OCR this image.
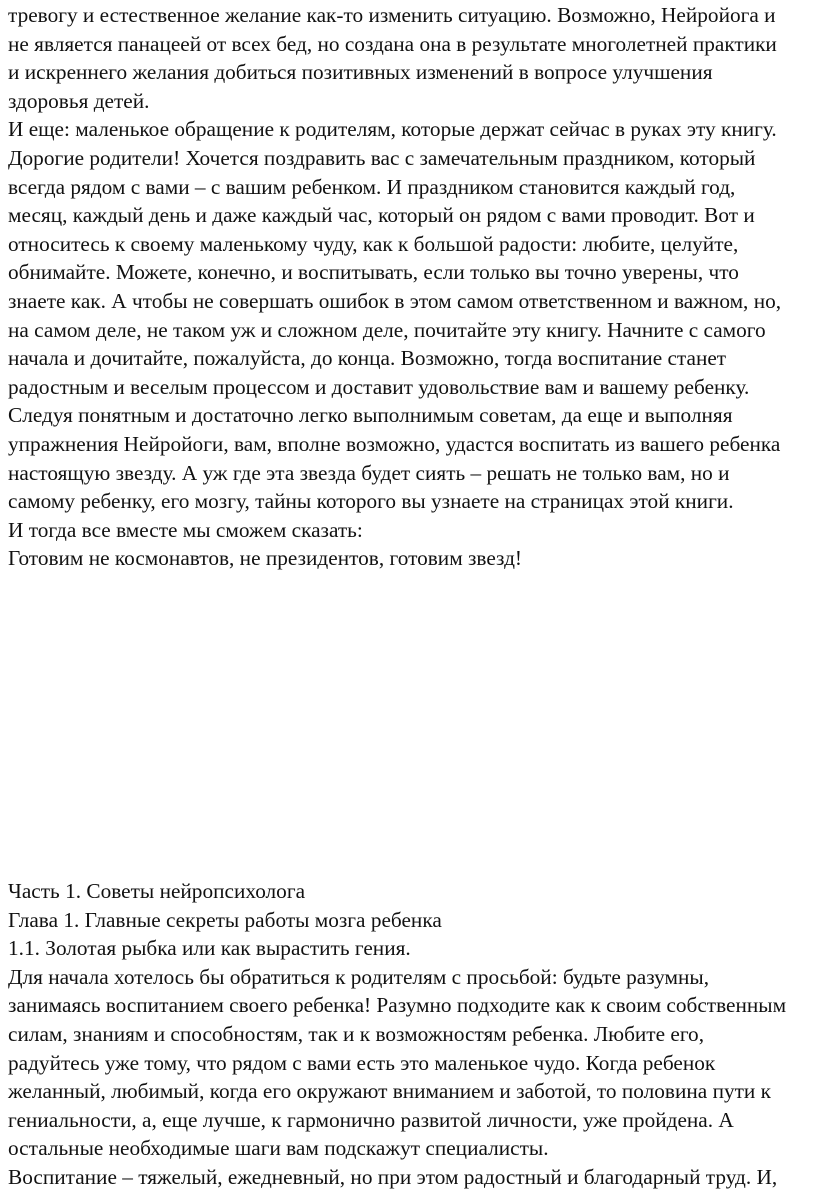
тревогу и естественное желание как-то изменить ситуацию. Возможно, Нейройога и
не является панацеей от всех бед, но создана она в результате многолетней практики
и искреннего желания добиться позитивных изменений в вопросе улучшения
здоровья детей.
И еще: маленькое обращение к родителям, которые держат сейчас в руках эту книгу.
Дорогие родители! Хочется поздравить вас с замечательным праздником, который
всегда рядом с вами – с вашим ребенком. И праздником становится каждый год,
месяц, каждый день и даже каждый час, который он рядом с вами проводит. Вот и
относитесь к своему маленькому чуду, как к большой радости: любите, целуйте,
обнимайте. Можете, конечно, и воспитывать, если только вы точно уверены, что
знаете как. А чтобы не совершать ошибок в этом самом ответственном и важном, но,
на самом деле, не таком уж и сложном деле, почитайте эту книгу. Начните с самого
начала и дочитайте, пожалуйста, до конца. Возможно, тогда воспитание станет
радостным и веселым процессом и доставит удовольствие вам и вашему ребенку.
Следуя понятным и достаточно легко выполнимым советам, да еще и выполняя
упражнения Нейройоги, вам, вполне возможно, удастся воспитать из вашего ребенка
настоящую звезду. А уж где эта звезда будет сиять – решать не только вам, но и
самому ребенку, его мозгу, тайны которого вы узнаете на страницах этой книги.
И тогда все вместе мы сможем сказать:
Готовим не космонавтов, не президентов, готовим звезд!
Часть 1. Советы нейропсихолога
Глава 1. Главные секреты работы мозга ребенка
1.1. Золотая рыбка или как вырастить гения.
Для начала хотелось бы обратиться к родителям с просьбой: будьте разумны,
занимаясь воспитанием своего ребенка! Разумно подходите как к своим собственным
силам, знаниям и способностям, так и к возможностям ребенка. Любите его,
радуйтесь уже тому, что рядом с вами есть это маленькое чудо. Когда ребенок
желанный, любимый, когда его окружают вниманием и заботой, то половина пути к
гениальности, а, еще лучше, к гармонично развитой личности, уже пройдена. А
остальные необходимые шаги вам подскажут специалисты.
Воспитание – тяжелый, ежедневный, но при этом радостный и благодарный труд. И,
